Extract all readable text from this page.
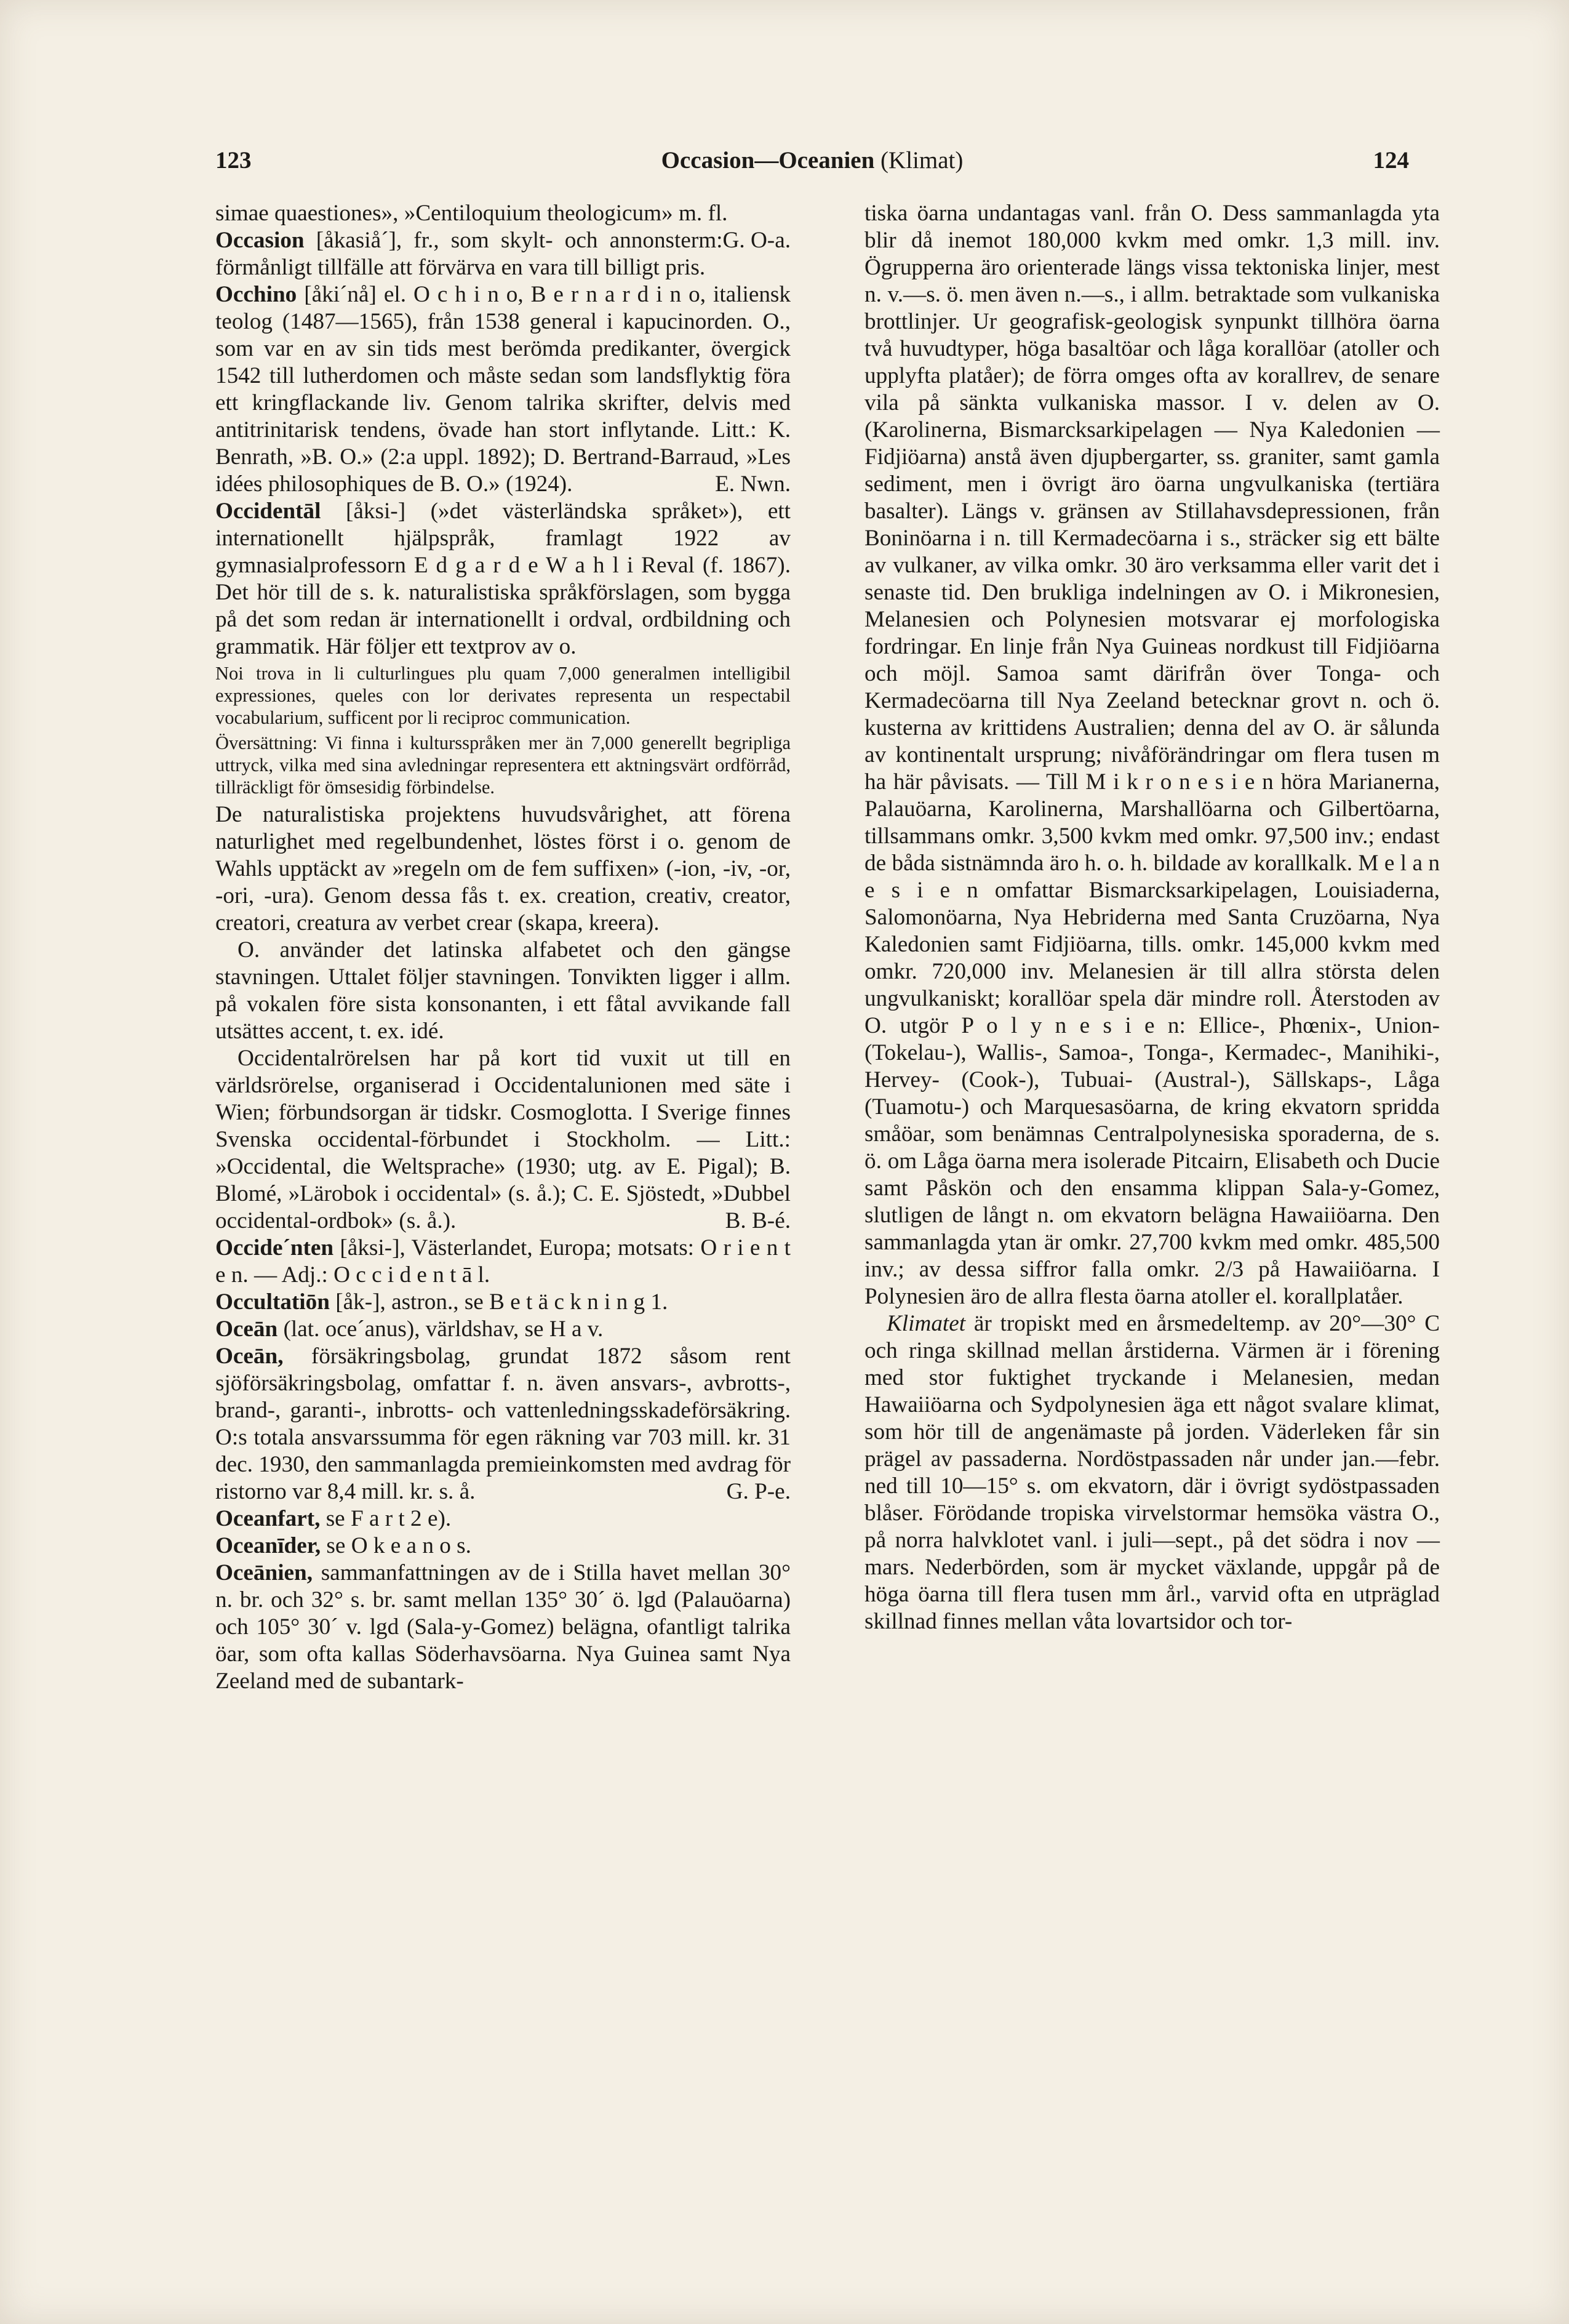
123	Occasion—Oceanien (Klimat)	124

simae quaestiones», »Centiloquium theologicum» m. fl.
G. O-a.

Occasion [åkasiå´], fr., som skylt- och annonsterm: förmånligt tillfälle att förvärva en vara till billigt pris.

Occhino [åki´nå] el. O c h i n o, B e r n a r d i n o, italiensk teolog (1487—1565), från 1538 general i kapucinorden. O., som var en av sin tids mest berömda predikanter, övergick 1542 till lutherdomen och måste sedan som landsflyktig föra ett kringflackande liv. Genom talrika skrifter, delvis med antitrinitarisk tendens, övade han stort inflytande. Litt.: K. Benrath, »B. O.» (2:a uppl. 1892); D. Bertrand-Barraud, »Les idées philosophiques de B. O.» (1924).	E. Nwn.

Occidentāl [åksi-] (»det västerländska språket»), ett internationellt hjälpspråk, framlagt 1922 av gymnasialprofessorn E d g a r d e W a h l i Reval (f. 1867). Det hör till de s. k. naturalistiska språkförslagen, som bygga på det som redan är internationellt i ordval, ordbildning och grammatik. Här följer ett textprov av o.

Noi trova in li culturlingues plu quam 7,000 generalmen intelligibil expressiones, queles con lor derivates representa un respectabil vocabularium, sufficent por li reciproc communication.

Översättning: Vi finna i kultursspråken mer än 7,000 generellt begripliga uttryck, vilka med sina avledningar representera ett aktningsvärt ordförråd, tillräckligt för ömsesidig förbindelse.

De naturalistiska projektens huvudsvårighet, att förena naturlighet med regelbundenhet, löstes först i o. genom de Wahls upptäckt av »regeln om de fem suffixen» (-ion, -iv, -or, -ori, -ura). Genom dessa fås t. ex. creation, creativ, creator, creatori, creatura av verbet crear (skapa, kreera).

O. använder det latinska alfabetet och den gängse stavningen. Uttalet följer stavningen. Tonvikten ligger i allm. på vokalen före sista konsonanten, i ett fåtal avvikande fall utsättes accent, t. ex. idé.

Occidentalrörelsen har på kort tid vuxit ut till en världsrörelse, organiserad i Occidentalunionen med säte i Wien; förbundsorgan är tidskr. Cosmoglotta. I Sverige finnes Svenska occidental-förbundet i Stockholm. — Litt.: »Occidental, die Weltsprache» (1930; utg. av E. Pigal); B. Blomé, »Lärobok i occidental» (s. å.); C. E. Sjöstedt, »Dubbel occidental-ordbok» (s. å.).	B. B-é.

Occide´nten [åksi-], Västerlandet, Europa; motsats: O r i e n t e n. — Adj.: O c c i d e n t ā l.

Occultatiōn [åk-], astron., se B e t ä c k n i n g 1.

Oceān (lat. oce´anus), världshav, se H a v.

Oceān, försäkringsbolag, grundat 1872 såsom rent sjöförsäkringsbolag, omfattar f. n. även ansvars-, avbrotts-, brand-, garanti-, inbrotts- och vattenledningsskadeförsäkring. O:s totala ansvarssumma för egen räkning var 703 mill. kr. 31 dec. 1930, den sammanlagda premieinkomsten med avdrag för ristorno var 8,4 mill. kr. s. å.	G. P-e.

Oceanfart, se F a r t 2 e).

Oceanīder, se O k e a n o s.

Oceānien, sammanfattningen av de i Stilla havet mellan 30° n. br. och 32° s. br. samt mellan 135° 30´ ö. lgd (Palauöarna) och 105° 30´ v. lgd (Sala-y-Gomez) belägna, ofantligt talrika öar, som ofta kallas Söderhavsöarna. Nya Guinea samt Nya Zeeland med de subantark-

tiska öarna undantagas vanl. från O. Dess sammanlagda yta blir då inemot 180,000 kvkm med omkr. 1,3 mill. inv. Ögrupperna äro orienterade längs vissa tektoniska linjer, mest n. v.—s. ö. men även n.—s., i allm. betraktade som vulkaniska brottlinjer. Ur geografisk-geologisk synpunkt tillhöra öarna två huvudtyper, höga basaltöar och låga korallöar (atoller och upplyfta platåer); de förra omges ofta av korallrev, de senare vila på sänkta vulkaniska massor. I v. delen av O. (Karolinerna, Bismarcksarkipelagen — Nya Kaledonien — Fidjiöarna) anstå även djupbergarter, ss. graniter, samt gamla sediment, men i övrigt äro öarna ungvulkaniska (tertiära basalter). Längs v. gränsen av Stillahavsdepressionen, från Boninöarna i n. till Kermadecöarna i s., sträcker sig ett bälte av vulkaner, av vilka omkr. 30 äro verksamma eller varit det i senaste tid. Den brukliga indelningen av O. i Mikronesien, Melanesien och Polynesien motsvarar ej morfologiska fordringar. En linje från Nya Guineas nordkust till Fidjiöarna och möjl. Samoa samt därifrån över Tonga- och Kermadecöarna till Nya Zeeland betecknar grovt n. och ö. kusterna av krittidens Australien; denna del av O. är sålunda av kontinentalt ursprung; nivåförändringar om flera tusen m ha här påvisats. — Till M i k r o n e s i e n höra Marianerna, Palauöarna, Karolinerna, Marshallöarna och Gilbertöarna, tillsammans omkr. 3,500 kvkm med omkr. 97,500 inv.; endast de båda sistnämnda äro h. o. h. bildade av korallkalk. M e l a n e s i e n omfattar Bismarcksarkipelagen, Louisiaderna, Salomonöarna, Nya Hebriderna med Santa Cruzöarna, Nya Kaledonien samt Fidjiöarna, tills. omkr. 145,000 kvkm med omkr. 720,000 inv. Melanesien är till allra största delen ungvulkaniskt; korallöar spela där mindre roll. Återstoden av O. utgör P o l y n e s i e n: Ellice-, Phœnix-, Union- (Tokelau-), Wallis-, Samoa-, Tonga-, Kermadec-, Manihiki-, Hervey- (Cook-), Tubuai- (Austral-), Sällskaps-, Låga (Tuamotu-) och Marquesasöarna, de kring ekvatorn spridda småöar, som benämnas Centralpolynesiska sporaderna, de s. ö. om Låga öarna mera isolerade Pitcairn, Elisabeth och Ducie samt Påskön och den ensamma klippan Sala-y-Gomez, slutligen de långt n. om ekvatorn belägna Hawaiiöarna. Den sammanlagda ytan är omkr. 27,700 kvkm med omkr. 485,500 inv.; av dessa siffror falla omkr. 2/3 på Hawaiiöarna. I Polynesien äro de allra flesta öarna atoller el. korallplatåer.

Klimatet är tropiskt med en årsmedeltemp. av 20°—30° C och ringa skillnad mellan årstiderna. Värmen är i förening med stor fuktighet tryckande i Melanesien, medan Hawaiiöarna och Sydpolynesien äga ett något svalare klimat, som hör till de angenämaste på jorden. Väderleken får sin prägel av passaderna. Nordöstpassaden når under jan.—febr. ned till 10—15° s. om ekvatorn, där i övrigt sydöstpassaden blåser. Förödande tropiska virvelstormar hemsöka västra O., på norra halvklotet vanl. i juli—sept., på det södra i nov —mars. Nederbörden, som är mycket växlande, uppgår på de höga öarna till flera tusen mm årl., varvid ofta en utpräglad skillnad finnes mellan våta lovartsidor och tor-
